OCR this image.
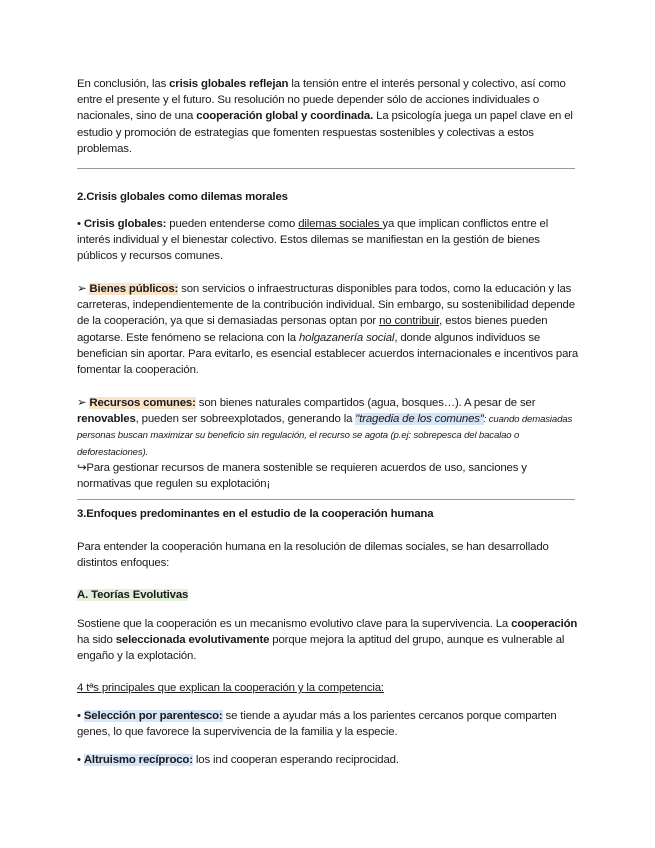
En conclusión, las crisis globales reflejan la tensión entre el interés personal y colectivo, así como entre el presente y el futuro. Su resolución no puede depender sólo de acciones individuales o nacionales, sino de una cooperación global y coordinada. La psicología juega un papel clave en el estudio y promoción de estrategias que fomenten respuestas sostenibles y colectivas a estos problemas.

2.Crisis globales como dilemas morales

• Crisis globales: pueden entenderse como dilemas sociales ya que implican conflictos entre el interés individual y el bienestar colectivo. Estos dilemas se manifiestan en la gestión de bienes públicos y recursos comunes.

➢ Bienes públicos: son servicios o infraestructuras disponibles para todos, como la educación y las carreteras, independientemente de la contribución individual. Sin embargo, su sostenibilidad depende de la cooperación, ya que si demasiadas personas optan por no contribuir, estos bienes pueden agotarse. Este fenómeno se relaciona con la holgazanería social, donde algunos individuos se benefician sin aportar. Para evitarlo, es esencial establecer acuerdos internacionales e incentivos para fomentar la cooperación.

➢ Recursos comunes: son bienes naturales compartidos (agua, bosques…). A pesar de ser renovables, pueden ser sobreexplotados, generando la "tragedia de los comunes": cuando demasiadas personas buscan maximizar su beneficio sin regulación, el recurso se agota (p.ej: sobrepesca del bacalao o deforestaciones).
↪Para gestionar recursos de manera sostenible se requieren acuerdos de uso, sanciones y normativas que regulen su explotación¡

3.Enfoques predominantes en el estudio de la cooperación humana

Para entender la cooperación humana en la resolución de dilemas sociales, se han desarrollado distintos enfoques:

A. Teorías Evolutivas

Sostiene que la cooperación es un mecanismo evolutivo clave para la supervivencia. La cooperación ha sido seleccionada evolutivamente porque mejora la aptitud del grupo, aunque es vulnerable al engaño y la explotación.

4 tªs principales que explican la cooperación y la competencia:

• Selección por parentesco: se tiende a ayudar más a los parientes cercanos porque comparten genes, lo que favorece la supervivencia de la familia y la especie.

• Altruismo recíproco: los ind cooperan esperando reciprocidad.
